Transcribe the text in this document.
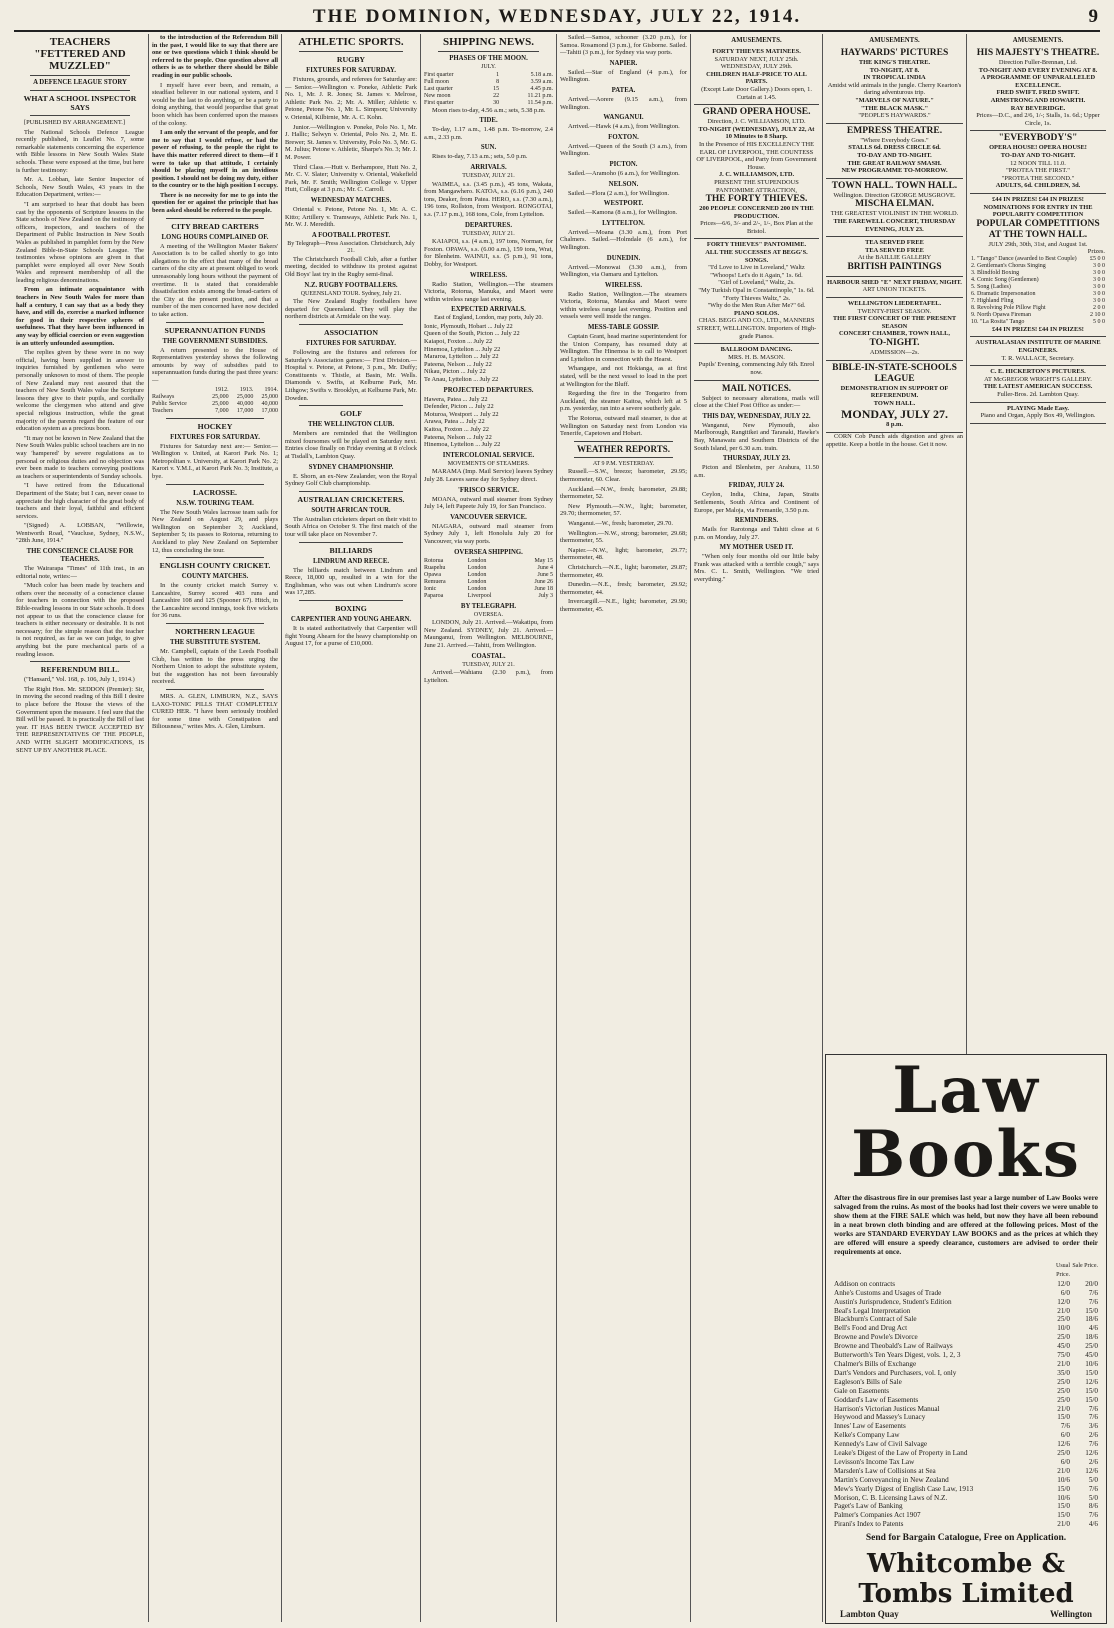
THE DOMINION, WEDNESDAY, JULY 22, 1914.	9
TEACHERS "FETTERED AND MUZZLED"
A DEFENCE LEAGUE STORY
WHAT A SCHOOL INSPECTOR SAYS

[PUBLISHED BY ARRANGEMENT.]

The National Schools Defence League recently published, in Leaflet No. 7, some remarkable statements concerning the experience with Bible lessons in New South Wales State schools. These were exposed at the time, but here is further testimony:

Mr. A. Lobban, late Senior Inspector of Schools, New South Wales, 43 years in the Education Department, writes:—

"I am surprised to hear that doubt has been cast by the opponents of Scripture lessons in the State schools of New Zealand on the testimony of officers, inspectors, and teachers of the Department of Public Instruction in New South Wales as published in pamphlet form by the New Zealand Bible-in-State Schools League. The testimonies whose opinions are given in that pamphlet were employed all over New South Wales and represent membership of all the leading religious denominations.

From an intimate acquaintance with teachers in New South Wales for more than half a century, I can say that as a body they have, and still do, exercise a marked influence for good in their respective spheres of usefulness. That they have been influenced in any way by official coercion or even suggestion is an utterly unfounded assumption.

The replies given by these were in no way official, having been supplied in answer to inquiries furnished by gentlemen who were personally unknown to most of them. The people of New Zealand may rest assured that the teachers of New South Wales value the Scripture lessons they give to their pupils, and cordially welcome the clergymen who attend and give special religious instruction, while the great majority of the parents regard the feature of our education system as a precious boon.

"It may not be known in New Zealand that the New South Wales public school teachers are in no way 'hampered' by severe regulations as to personal or religious duties and no objection was ever been made to teachers conveying positions as teachers or superintendents of Sunday schools.

"I have retired from the Educational Department of the State; but I can, never cease to appreciate the high character of the great body of teachers and their loyal, faithful and efficient services.

"(Signed) A. LOBBAN, "Willowie, Wentworth Road, "Vaucluse, Sydney, N.S.W., "28th June, 1914."

THE CONSCIENCE CLAUSE FOR TEACHERS.

The Wairarapa "Times" of 11th inst., in an editorial note, writes:—

"Much color has been made by teachers and others over the necessity of a conscience clause for teachers in connection with the proposed Bible-reading lessons in our State schools. It does not appear to us that the conscience clause for teachers is either necessary or desirable. It is not necessary; for the simple reason that the teacher is not required, as far as we can judge, to give anything but the pure mechanical parts of a reading lesson.

REFERENDUM BILL.

("Hansard," Vol. 168, p. 106, July 1, 1914.)

The Right Hon. Mr. SEDDON (Premier): Sir, in moving the second reading of this Bill I desire to place before the House the views of the Government upon the measure. I feel sure that the Bill will be passed. It is practically the Bill of last year. IT HAS BEEN TWICE ACCEPTED BY THE REPRESENTATIVES OF THE PEOPLE, AND WITH SLIGHT MODIFICATIONS, IS SENT UP BY ANOTHER PLACE.

to the introduction of the Referendum Bill in the past, I would like to say that there are one or two questions which I think should be referred to the people. One question above all others is as to whether there should be Bible reading in our public schools.

I myself have ever been, and remain, a steadfast believer in our national system, and I would be the last to do anything, or be a party to doing anything, that would jeopardise that great boon which has been conferred upon the masses of the colony.

I am only the servant of the people, and for me to say that I would refuse, or had the power of refusing, to the people the right to have this matter referred direct to them—if I were to take up that attitude, I certainly should be placing myself in an invidious position. I should not be doing my duty, either to the country or to the high position I occupy.

There is no necessity for me to go into the question for or against the principle that has been asked should be referred to the people.

CITY BREAD CARTERS
LONG HOURS COMPLAINED OF.

A meeting of the Wellington Master Bakers' Association is to be called shortly to go into allegations to the effect that many of the bread carters of the city are at present obliged to work unreasonably long hours without the payment of overtime. It is stated that considerable dissatisfaction exists among the bread-carters of the City at the present position, and that a number of the men concerned have now decided to take action.

SUPERANNUATION FUNDS
THE GOVERNMENT SUBSIDIES.

A return presented to the House of Representatives yesterday shows the following amounts by way of subsidies paid to superannuation funds during the past three years:—

	1912.	1913.	1914.
Railways	25,000	25,000	25,000
Public Service	25,000	40,000	40,000
Teachers	7,000	17,000	17,000
HOCKEY
FIXTURES FOR SATURDAY.

Fixtures for Saturday next are:— Senior.—Wellington v. United, at Karori Park No. 1; Metropolitan v. University, at Karori Park No. 2; Karori v. Y.M.I., at Karori Park No. 3; Institute, a bye.

LACROSSE.
N.S.W. TOURING TEAM.

The New South Wales lacrosse team sails for New Zealand on August 29, and plays Wellington on September 3; Auckland, September 5; its passes to Rotorua, returning to Auckland to play New Zealand on September 12, thus concluding the tour.

ENGLISH COUNTY CRICKET.
COUNTY MATCHES.

In the county cricket match Surrey v. Lancashire, Surrey scored 403 runs and Lancashire 108 and 125 (Spooner 67). Hitch, in the Lancashire second innings, took five wickets for 36 runs.

NORTHERN LEAGUE
THE SUBSTITUTE SYSTEM.

Mr. Campbell, captain of the Leeds Football Club, has written to the press urging the Northern Union to adopt the substitute system, but the suggestion has not been favourably received.

MRS. A. GLEN, LIMBURN, N.Z., SAYS LAXO-TONIC PILLS THAT COMPLETELY CURED HER. "I have been seriously troubled for some time with Constipation and Biliousness," writes Mrs. A. Glen, Limburn.

ATHLETIC SPORTS.
RUGBY
FIXTURES FOR SATURDAY.

Fixtures, grounds, and referees for Saturday are:— Senior.—Wellington v. Poneke, Athletic Park No. 1, Mr. J. R. Jones; St. James v. Melrose, Athletic Park No. 2; Mr. A. Miller; Athletic v. Petone, Petone No. 1, Mr. L. Simpson; University v. Oriental, Kilbirnie, Mr. A. C. Kohn.

Junior.—Wellington v. Poneke, Polo No. 1, Mr. J. Hallic; Selwyn v. Oriental, Polo No. 2, Mr. E. Brewer; St. James v. University, Polo No. 3, Mr. G. M. Julius; Petone v. Athletic, Sharpe's No. 3; Mr. J. M. Power.

Third Class.—Hutt v. Berhampore, Hutt No. 2, Mr. C. V. Slater; University v. Oriental, Wakefield Park, Mr. F. Smith; Wellington College v. Upper Hutt, College at 3 p.m.; Mr. C. Carroll.

WEDNESDAY MATCHES.

Oriental v. Petone, Petone No. 1, Mr. A. C. Kitto; Artillery v. Tramways, Athletic Park No. 1, Mr. W. J. Meredith.

A FOOTBALL PROTEST.
By Telegraph—Press Association. Christchurch, July 21.

The Christchurch Football Club, after a further meeting, decided to withdraw its protest against Old Boys' last try in the Rugby semi-final.

N.Z. RUGBY FOOTBALLERS.
QUEENSLAND TOUR. Sydney, July 21.

The New Zealand Rugby footballers have departed for Queensland. They will play the northern districts at Armidale on the way.

ASSOCIATION
FIXTURES FOR SATURDAY.

Following are the fixtures and referees for Saturday's Association games:— First Division.—Hospital v. Petone, at Petone, 3 p.m., Mr. Duffy; Constituents v. Thistle, at Basin, Mr. Wells. Diamonds v. Swifts, at Kelburne Park, Mr. Lithgow; Swifts v. Brooklyn, at Kelburne Park, Mr. Dowden.

GOLF
THE WELLINGTON CLUB.

Members are reminded that the Wellington mixed foursomes will be played on Saturday next. Entries close finally on Friday evening at 8 o'clock at Tisdall's, Lambton Quay.

SYDNEY CHAMPIONSHIP.

E. Shorn, an ex-New Zealander, won the Royal Sydney Golf Club championship.

AUSTRALIAN CRICKETERS.
SOUTH AFRICAN TOUR.

The Australian cricketers depart on their visit to South Africa on October 9. The first match of the tour will take place on November 7.

BILLIARDS
LINDRUM AND REECE.

The billiards match between Lindrum and Reece, 18,000 up, resulted in a win for the Englishman, who was out when Lindrum's score was 17,285.

BOXING
CARPENTIER AND YOUNG AHEARN.

It is stated authoritatively that Carpentier will fight Young Ahearn for the heavy championship on August 17, for a purse of £10,000.

SHIPPING NEWS.
PHASES OF THE MOON.
JULY.
First quarter	1	5.18 a.m.
Full moon	8	3.59 a.m.
Last quarter	15	4.45 p.m.
New moon	22	11.21 p.m.
First quarter	30	11.54 p.m.

Moon rises to-day, 4.56 a.m.; sets, 5.38 p.m.

TIDE.

To-day, 1.17 a.m., 1.48 p.m. To-morrow, 2.4 a.m., 2.33 p.m.

SUN.

Rises to-day, 7.13 a.m.; sets, 5.0 p.m.

ARRIVALS.
TUESDAY, JULY 21.

WAIMEA, s.s. (3.45 p.m.), 45 tons, Wakata, from Mangawhero. KATOA, s.s. (6.16 p.m.), 240 tons, Deaker, from Patea. HERO, s.s. (7.30 a.m.), 196 tons, Rollston, from Westport. RONGOTAI, s.s. (7.17 p.m.), 168 tons, Cole, from Lyttelton.

DEPARTURES.
TUESDAY, JULY 21.

KAIAPOI, s.s. (4 a.m.), 197 tons, Norman, for Foxton. OPAWA, s.s. (6.00 a.m.), 159 tons, Wrat, for Blenheim. WAINUI, s.s. (5 p.m.), 91 tons, Dobby, for Westport.

WIRELESS.

Radio Station, Wellington.—The steamers Victoria, Rotorua, Manuka, and Maori were within wireless range last evening.

EXPECTED ARRIVALS.
East of England, London, may ports, July 20.
Ionic, Plymouth, Hobart ... July 22
Queen of the South, Picton ... July 22
Kaiapoi, Foxton ... July 22
Hinemoa, Lyttelton ... July 22
Mararoa, Lyttelton ... July 22
Pateena, Nelson ... July 22
Nikau, Picton ... July 22
Te Anau, Lyttelton ... July 22
PROJECTED DEPARTURES.
Hawera, Patea ... July 22
Defender, Picton ... July 22
Moturoa, Westport ... July 22
Arawa, Patea ... July 22
Kaitoa, Foxton ... July 22
Pateena, Nelson ... July 22
Hinemoa, Lyttelton ... July 22
INTERCOLONIAL SERVICE.
MOVEMENTS OF STEAMERS.

MARAMA (Imp. Mail Service) leaves Sydney July 28. Leaves same day for Sydney direct.

'FRISCO SERVICE.

MOANA, outward mail steamer from Sydney July 14, left Papeete July 19, for San Francisco.

VANCOUVER SERVICE.

NIAGARA, outward mail steamer from Sydney July 1, left Honolulu July 20 for Vancouver, via way ports.

OVERSEA SHIPPING.
Rotorua	London	May 15
Ruapehu	London	June 4
Opawa	London	June 5
Remuera	London	June 26
Ionic	London	June 18
Paparoa	Liverpool	July 3
BY TELEGRAPH.
OVERSEA.

LONDON, July 21. Arrived.—Wakatipu, from New Zealand. SYDNEY, July 21. Arrived.—Maunganui, from Wellington. MELBOURNE, June 21. Arrived.—Tahiti, from Wellington.

COASTAL.
TUESDAY, JULY 21.

Arrived.—Wahianu (2.30 p.m.), from Lyttelton.

Sailed.—Samoa, schooner (3.20 p.m.), for Samoa. Rosamond (3 p.m.), for Gisborne. Sailed.—Tahiti (3 p.m.), for Sydney via way ports.

NAPIER.

Sailed.—Star of England (4 p.m.), for Wellington.

PATEA.

Arrived.—Aorere (9.15 a.m.), from Wellington.

WANGANUI.

Arrived.—Hawk (4 a.m.), from Wellington.

FOXTON.

Arrived.—Queen of the South (3 a.m.), from Wellington.

PICTON.

Sailed.—Aramoho (6 a.m.), for Wellington.

NELSON.

Sailed.—Flora (2 a.m.), for Wellington.

WESTPORT.

Sailed.—Kamona (8 a.m.), for Wellington.

LYTTELTON.

Arrived.—Moana (3.30 a.m.), from Port Chalmers. Sailed.—Holmdale (6 a.m.), for Wellington.

DUNEDIN.

Arrived.—Monowai (3.30 a.m.), from Wellington, via Oamaru and Lyttelton.

WIRELESS.

Radio Station, Wellington.—The steamers Victoria, Rotorua, Manuka and Maori were within wireless range last evening. Position and vessels were well inside the ranges.

MESS-TABLE GOSSIP.

Captain Grant, head marine superintendent for the Union Company, has resumed duty at Wellington. The Hinemoa is to call to Westport and Lyttelton in connection with the Hearst.

Whangape, and not Hokianga, as at first stated, will be the next vessel to load in the port at Wellington for the Bluff.

Regarding the fire in the Tongariro from Auckland, the steamer Kaitoa, which left at 5 p.m. yesterday, ran into a severe southerly gale.

The Rotorua, outward mail steamer, is due at Wellington on Saturday next from London via Tenerife, Capetown and Hobart.

WEATHER REPORTS.
AT 9 P.M. YESTERDAY.

Russell.—S.W., breeze; barometer, 29.95; thermometer, 60. Clear.

Auckland.—N.W., fresh; barometer, 29.88; thermometer, 52.

New Plymouth.—N.W., light; barometer, 29.70; thermometer, 57.

Wanganui.—W., fresh; barometer, 29.70.

Wellington.—N.W., strong; barometer, 29.68; thermometer, 55.

Napier.—N.W., light; barometer, 29.77; thermometer, 48.

Christchurch.—N.E., light; barometer, 29.87; thermometer, 49.

Dunedin.—N.E., fresh; barometer, 29.92; thermometer, 44.

Invercargill.—N.E., light; barometer, 29.90; thermometer, 45.

AMUSEMENTS.
FORTY THIEVES MATINEES.
SATURDAY NEXT, JULY 25th.
WEDNESDAY, JULY 29th.
CHILDREN HALF-PRICE TO ALL PARTS.
(Except Late Door Gallery.) Doors open, 1. Curtain at 1.45.
GRAND OPERA HOUSE.
Direction, J. C. WILLIAMSON, LTD.
TO-NIGHT (WEDNESDAY), JULY 22, At 10 Minutes to 8 Sharp.
In the Presence of HIS EXCELLENCY THE EARL OF LIVERPOOL, THE COUNTESS OF LIVERPOOL, and Party from Government House.
J. C. WILLIAMSON, LTD.
PRESENT THE STUPENDOUS PANTOMIME ATTRACTION,
THE FORTY THIEVES.
200 PEOPLE CONCERNED 200 IN THE PRODUCTION.
Prices—6/6, 3/- and 2/-, 1/-, Box Plan at the Bristol.
FORTY THIEVES" PANTOMIME.
ALL THE SUCCESSES AT BEGG'S.
SONGS.
"I'd Love to Live in Loveland," Waltz
"Whoops! Let's do it Again," 1s. 6d.
"Girl of Loveland," Waltz, 2s.
"My Turkish Opal in Constantinople," 1s. 6d.
"Forty Thieves Waltz," 2s.
"Why do the Men Run After Me?" 6d.
PIANO SOLOS.
CHAS. BEGG AND CO., LTD., MANNERS STREET, WELLINGTON. Importers of High-grade Pianos.
BALLROOM DANCING.
MRS. H. B. MASON.
Pupils' Evening, commencing July 6th. Enrol now.
MAIL NOTICES.

Subject to necessary alterations, mails will close at the Chief Post Office as under:—

THIS DAY, WEDNESDAY, JULY 22.

Wanganui, New Plymouth, also Marlborough, Rangitikei and Taranaki, Hawke's Bay, Manawatu and Southern Districts of the South Island, per 6.30 a.m. train.

THURSDAY, JULY 23.

Picton and Blenheim, per Arahura, 11.50 a.m.

FRIDAY, JULY 24.

Ceylon, India, China, Japan, Straits Settlements, South Africa and Continent of Europe, per Maloja, via Fremantle, 3.50 p.m.

REMINDERS.

Mails for Rarotonga and Tahiti close at 6 p.m. on Monday, July 27.

MY MOTHER USED IT.

"When only four months old our little baby Frank was attacked with a terrible cough," says Mrs. C. L. Smith, Wellington. "We tried everything."

AMUSEMENTS.
HAYWARDS' PICTURES
THE KING'S THEATRE.
TO-NIGHT, AT 8.
IN TROPICAL INDIA
Amidst wild animals in the jungle. Cherry Kearton's daring adventurous trip.
"MARVELS OF NATURE."
"THE BLACK MASK."
"PEOPLE'S HAYWARDS."
EMPRESS THEATRE.
"Where Everybody Goes."
STALLS 6d. DRESS CIRCLE 6d.
TO-DAY AND TO-NIGHT.
THE GREAT RAILWAY SMASH.
NEW PROGRAMME TO-MORROW.
TOWN HALL. TOWN HALL.
Wellington. Direction GEORGE MUSGROVE.
MISCHA ELMAN.
THE GREATEST VIOLINIST IN THE WORLD.
THE FAREWELL CONCERT, THURSDAY EVENING, JULY 23.
TEA SERVED FREE
TEA SERVED FREE
At the BAILLIE GALLERY
BRITISH PAINTINGS
HARBOUR SHED "E" NEXT FRIDAY, NIGHT.
ART UNION TICKETS.
WELLINGTON LIEDERTAFEL.
TWENTY-FIRST SEASON.
THE FIRST CONCERT OF THE PRESENT SEASON
CONCERT CHAMBER, TOWN HALL,
TO-NIGHT.
ADMISSION—2s.
BIBLE-IN-STATE-SCHOOLS LEAGUE
DEMONSTRATION IN SUPPORT OF REFERENDUM.
TOWN HALL.
MONDAY, JULY 27.
8 p.m.

CORN Cob Punch aids digestion and gives an appetite. Keep a bottle in the house. Get it now.

AMUSEMENTS.
HIS MAJESTY'S THEATRE.
Direction Fuller-Brennan, Ltd.
TO-NIGHT AND EVERY EVENING AT 8.
A PROGRAMME OF UNPARALLELED EXCELLENCE.
FRED SWIFT. FRED SWIFT.
ARMSTRONG AND HOWARTH.
RAY BEVERIDGE.
Prices—D.C., and 2/6, 1/-; Stalls, 1s. 6d.; Upper Circle, 1s.
"EVERYBODY'S"
OPERA HOUSE! OPERA HOUSE!
TO-DAY AND TO-NIGHT.
12 NOON TILL 11.0.
"PROTEA THE FIRST."
"PROTEA THE SECOND."
ADULTS, 6d. CHILDREN, 3d.
£44 IN PRIZES! £44 IN PRIZES!
NOMINATIONS FOR ENTRY IN THE POPULARITY COMPETITION
POPULAR COMPETITIONS AT THE TOWN HALL.
JULY 29th, 30th, 31st, and August 1st.
Prizes.
1. "Tango" Dance (awarded to Best Couple)	£5 0 0
2. Gentleman's Chorus Singing	3 0 0
3. Blindfold Boxing	3 0 0
4. Comic Song (Gentlemen)	3 0 0
5. Song (Ladies)	3 0 0
6. Dramatic Impersonation	3 0 0
7. Highland Fling	3 0 0
8. Revolving Pole Pillow Fight	2 0 0
9. North Opawa Fireman	2 10 0
10. "La Rosita" Tango	5 0 0
£44 IN PRIZES! £44 IN PRIZES!
AUSTRALASIAN INSTITUTE OF MARINE ENGINEERS.
T. R. WALLACE, Secretary.
C. E. HICKERTON'S PICTURES.
AT McGREGOR WRIGHT'S GALLERY.
THE LATEST AMERICAN SUCCESS.
Fuller-Bros. 2d. Lambton Quay.
PLAYING Made Easy.
Piano and Organ, Apply Box 49, Wellington.
Law Books
After the disastrous fire in our premises last year a large number of Law Books were salvaged from the ruins. As most of the books had lost their covers we were unable to show them at the FIRE SALE which was held, but now they have all been rebound in a neat brown cloth binding and are offered at the following prices. Most of the works are STANDARD EVERYDAY LAW BOOKS and as the prices at which they are offered will ensure a speedy clearance, customers are advised to order their requirements at once.
Usual Price.
Sale Price.
Addison on contracts	12/0 20/0
Anhe's Customs and Usages of Trade	6/0	7/6
Austin's Jurisprudence, Student's Edition	12/0	7/6
Beal's Legal Interpretation	21/0 15/0
Blackburn's Contract of Sale	25/0 18/6
Bell's Food and Drug Act	10/0	4/6
Browne and Powle's Divorce	25/0 18/6
Browne and Theobald's Law of Railways	45/0 25/0
Butterworth's Ten Years Digest, vols. 1, 2, 3	75/0 45/0
Chalmer's Bills of Exchange	21/0 10/6
Dart's Vendors and Purchasers, vol. I, only	35/0 15/0
Eagleson's Bills of Sale	25/0 12/6
Gale on Easements	25/0 15/0
Goddard's Law of Easements	25/0 15/0
Harrison's Victorian Justices Manual	21/0	7/6
Heywood and Massey's Lunacy	15/0	7/6
Innes' Law of Easements	7/6	3/6
Kelke's Company Law	6/0	2/6
Kennedy's Law of Civil Salvage	12/6	7/6
Leake's Digest of the Law of Property in Land	25/0 12/6
Levisson's Income Tax Law	6/0	2/6
Marsden's Law of Collisions at Sea	21/0 12/6
Martin's Conveyancing in New Zealand	10/6	5/0
Mew's Yearly Digest of English Case Law, 1913	15/0	7/6
Morison, C. B. Licensing Laws of N.Z.	10/6	5/0
Paget's Law of Banking	15/0	8/6
Palmer's Companies Act 1907	15/0	7/6
Pirani's Index to Patents	21/0	4/6
Send for Bargain Catalogue, Free on Application.
Whitcombe & Tombs Limited
Lambton Quay	Wellington
